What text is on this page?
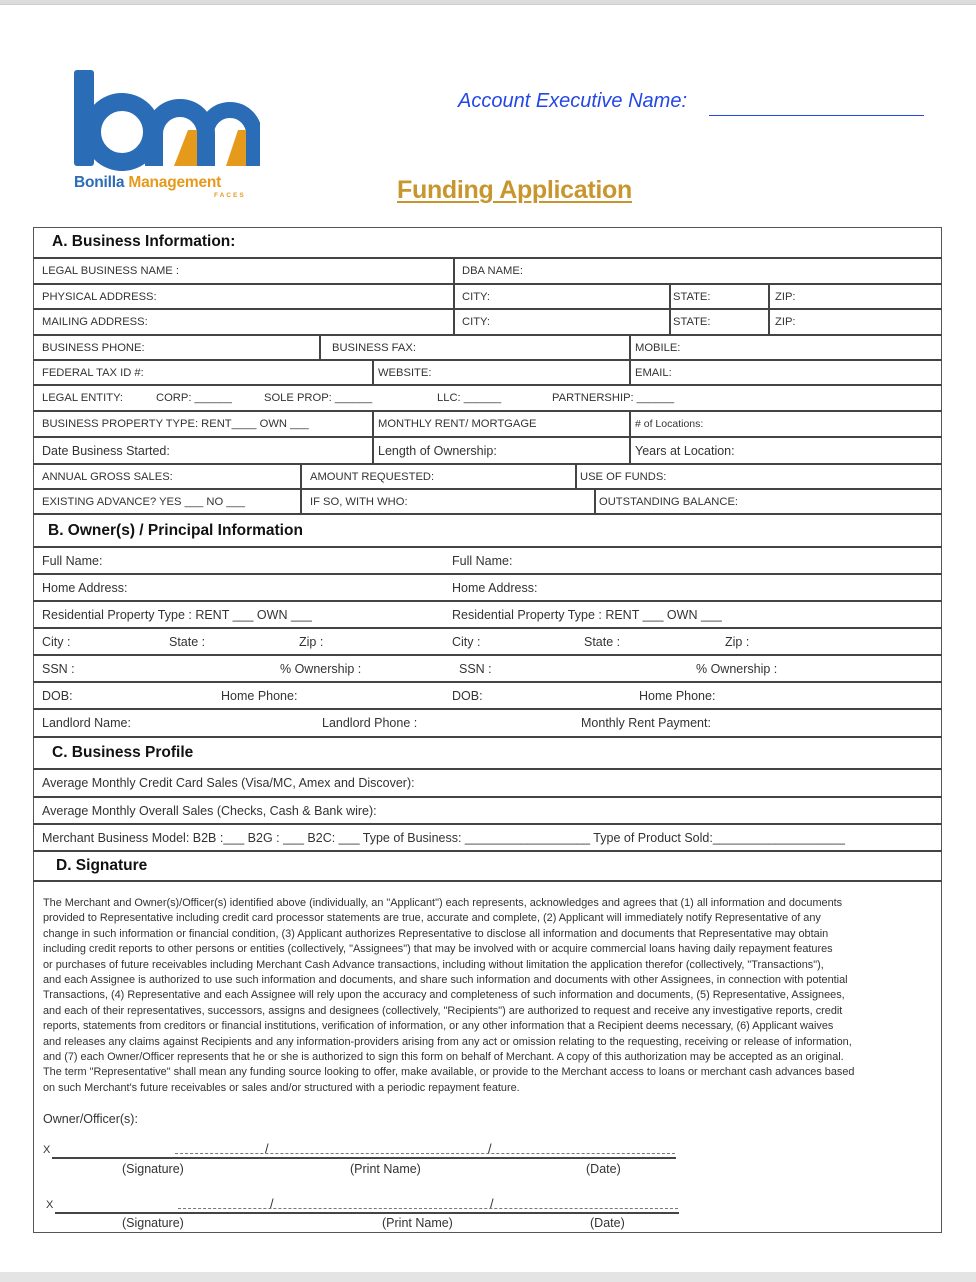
Bonilla Management
FACES
Account Executive Name:
Funding Application
A. Business Information:
LEGAL BUSINESS NAME :	DBA NAME:
PHYSICAL ADDRESS:	CITY:	STATE:	ZIP:
MAILING ADDRESS:	CITY:	STATE:	ZIP:
BUSINESS PHONE:	BUSINESS FAX:	MOBILE:
FEDERAL TAX ID #:	WEBSITE:	EMAIL:
LEGAL ENTITY:	CORP: ______	SOLE PROP: ______	LLC: ______	PARTNERSHIP: ______
BUSINESS PROPERTY TYPE: RENT____ OWN ___	MONTHLY RENT/ MORTGAGE	# of Locations:
Date Business Started:	Length of Ownership:	Years at Location:
ANNUAL GROSS SALES:	AMOUNT REQUESTED:	USE OF FUNDS:
EXISTING ADVANCE? YES ___ NO ___	IF SO, WITH WHO:	OUTSTANDING BALANCE:
B. Owner(s) / Principal Information
Full Name:	Full Name:
Home Address:	Home Address:
Residential Property Type : RENT ___ OWN ___	Residential Property Type : RENT ___ OWN ___
City :	State :	Zip :	City :	State :	Zip :
SSN :	% Ownership :	SSN :	% Ownership :
DOB:	Home Phone:	DOB:	Home Phone:
Landlord Name:	Landlord Phone :	Monthly Rent Payment:
C. Business Profile
Average Monthly Credit Card Sales (Visa/MC, Amex and Discover):
Average Monthly Overall Sales (Checks, Cash & Bank wire):
Merchant Business Model: B2B :___ B2G : ___ B2C: ___ Type of Business: __________________ Type of Product Sold:___________________
D. Signature
The Merchant and Owner(s)/Officer(s) identified above (individually, an "Applicant") each represents, acknowledges and agrees that (1) all information and documents
provided to Representative including credit card processor statements are true, accurate and complete, (2) Applicant will immediately notify Representative of any
change in such information or financial condition, (3) Applicant authorizes Representative to disclose all information and documents that Representative may obtain
including credit reports to other persons or entities (collectively, "Assignees") that may be involved with or acquire commercial loans having daily repayment features
or purchases of future receivables including Merchant Cash Advance transactions, including without limitation the application therefor (collectively, "Transactions"),
and each Assignee is authorized to use such information and documents, and share such information and documents with other Assignees, in connection with potential
Transactions, (4) Representative and each Assignee will rely upon the accuracy and completeness of such information and documents, (5) Representative, Assignees,
and each of their representatives, successors, assigns and designees (collectively, "Recipients") are authorized to request and receive any investigative reports, credit
reports, statements from creditors or financial institutions, verification of information, or any other information that a Recipient deems necessary, (6) Applicant waives
and releases any claims against Recipients and any information-providers arising from any act or omission relating to the requesting, receiving or release of information,
and (7) each Owner/Officer represents that he or she is authorized to sign this form on behalf of Merchant. A copy of this authorization may be accepted as an original.
The term "Representative" shall mean any funding source looking to offer, make available, or provide to the Merchant access to loans or merchant cash advances based
on such Merchant's future receivables or sales and/or structured with a periodic repayment feature.
Owner/Officer(s):
X	/	/
(Signature)	(Print Name)	(Date)
X	/	/
(Signature)	(Print Name)	(Date)
